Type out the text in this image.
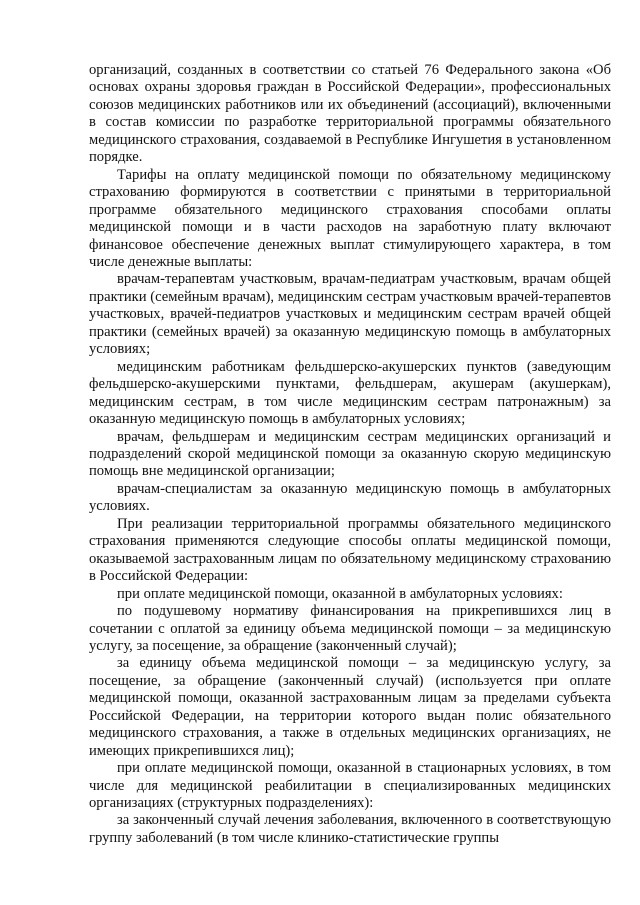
организаций, созданных в соответствии со статьей 76 Федерального закона «Об основах охраны здоровья граждан в Российской Федерации», профессиональных союзов медицинских работников или их объединений (ассоциаций), включенными в состав комиссии по разработке территориальной программы обязательного медицинского страхования, создаваемой в Республике Ингушетия в установленном порядке.

Тарифы на оплату медицинской помощи по обязательному медицинскому страхованию формируются в соответствии с принятыми в территориальной программе обязательного медицинского страхования способами оплаты медицинской помощи и в части расходов на заработную плату включают финансовое обеспечение денежных выплат стимулирующего характера, в том числе денежные выплаты:

врачам-терапевтам участковым, врачам-педиатрам участковым, врачам общей практики (семейным врачам), медицинским сестрам участковым врачей-терапевтов участковых, врачей-педиатров участковых и медицинским сестрам врачей общей практики (семейных врачей) за оказанную медицинскую помощь в амбулаторных условиях;

медицинским работникам фельдшерско-акушерских пунктов (заведующим фельдшерско-акушерскими пунктами, фельдшерам, акушерам (акушеркам), медицинским сестрам, в том числе медицинским сестрам патронажным) за оказанную медицинскую помощь в амбулаторных условиях;

врачам, фельдшерам и медицинским сестрам медицинских организаций и подразделений скорой медицинской помощи за оказанную скорую медицинскую помощь вне медицинской организации;

врачам-специалистам за оказанную медицинскую помощь в амбулаторных условиях.

При реализации территориальной программы обязательного медицинского страхования применяются следующие способы оплаты медицинской помощи, оказываемой застрахованным лицам по обязательному медицинскому страхованию в Российской Федерации:

при оплате медицинской помощи, оказанной в амбулаторных условиях:

по подушевому нормативу финансирования на прикрепившихся лиц в сочетании с оплатой за единицу объема медицинской помощи – за медицинскую услугу, за посещение, за обращение (законченный случай);

за единицу объема медицинской помощи – за медицинскую услугу, за посещение, за обращение (законченный случай) (используется при оплате медицинской помощи, оказанной застрахованным лицам за пределами субъекта Российской Федерации, на территории которого выдан полис обязательного медицинского страхования, а также в отдельных медицинских организациях, не имеющих прикрепившихся лиц);

при оплате медицинской помощи, оказанной в стационарных условиях, в том числе для медицинской реабилитации в специализированных медицинских организациях (структурных подразделениях):

за законченный случай лечения заболевания, включенного в соответствующую группу заболеваний (в том числе клинико-статистические группы
